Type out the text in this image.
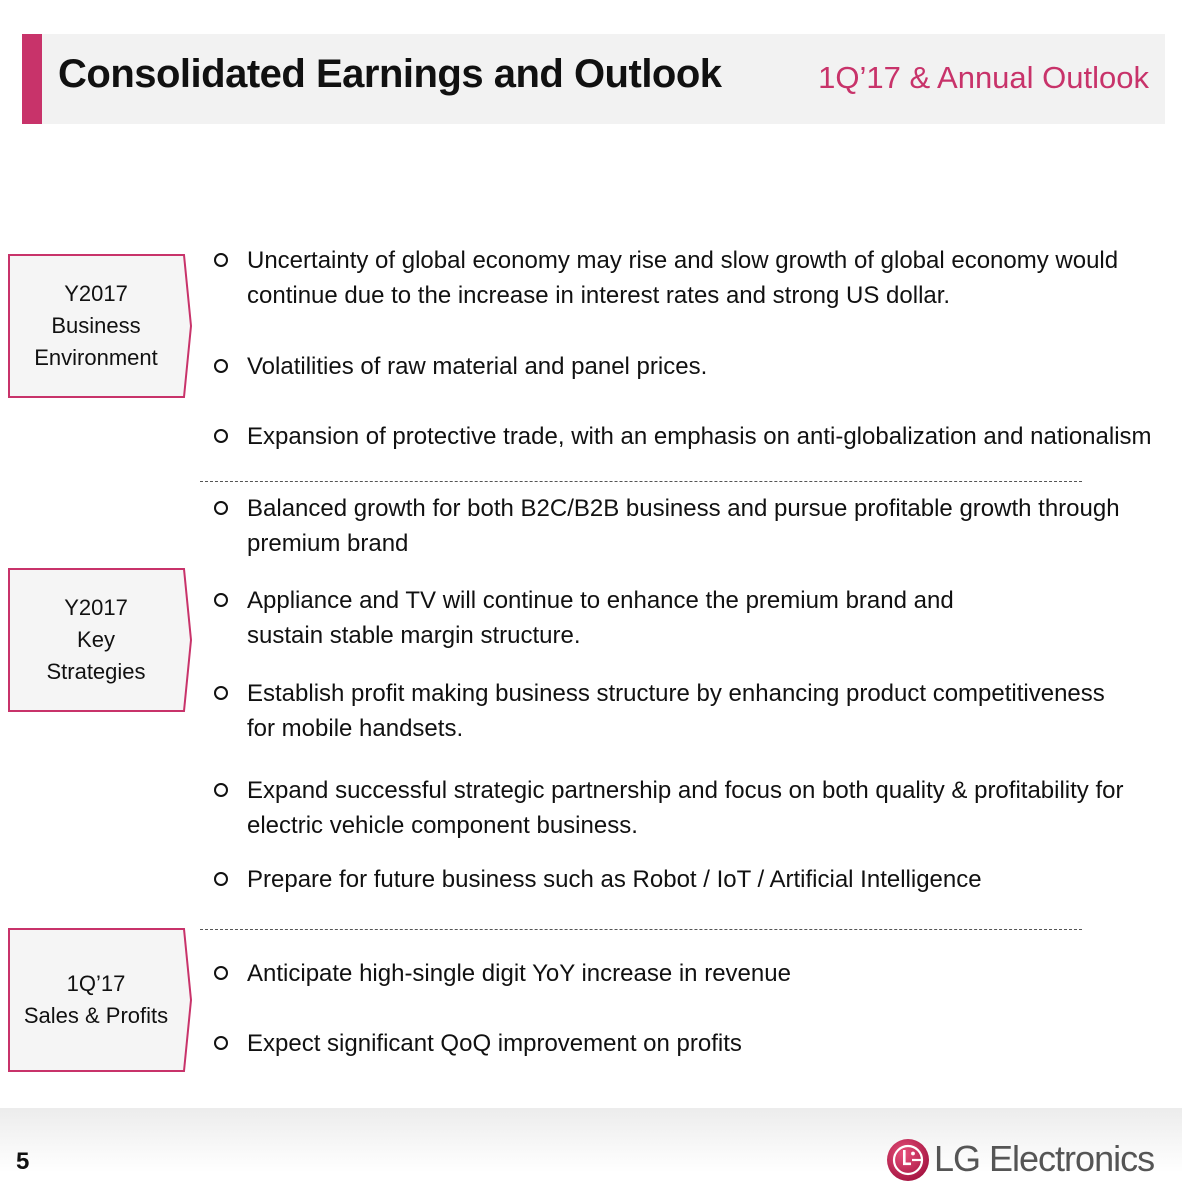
Consolidated Earnings and Outlook	1Q’17 & Annual Outlook
Y2017
Business
Environment
Uncertainty of global economy may rise and slow growth of global economy would continue due to the increase in interest rates and strong US dollar.
Volatilities of raw material and panel prices.
Expansion of protective trade, with an emphasis on anti-globalization and nationalism
Y2017
Key
Strategies
Balanced growth for both B2C/B2B business and pursue profitable growth through premium brand
Appliance and TV will continue to enhance the premium brand and sustain stable margin structure.
Establish profit making business structure by enhancing product competitiveness for mobile handsets.
Expand successful strategic partnership and focus on both quality & profitability for electric vehicle component business.
Prepare for future business such as Robot / IoT / Artificial Intelligence
1Q’17
Sales & Profits
Anticipate high-single digit YoY increase in revenue
Expect significant QoQ improvement on profits
5	LG Electronics
